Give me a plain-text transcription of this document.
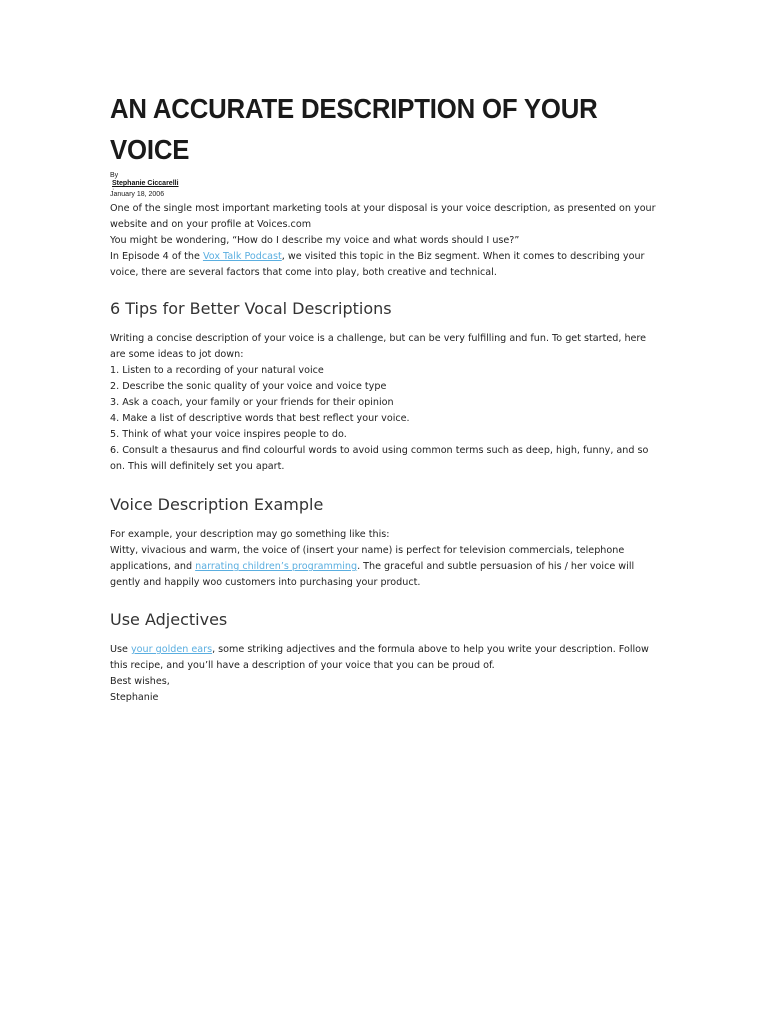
AN ACCURATE DESCRIPTION OF YOUR VOICE
By
Stephanie Ciccarelli
·
January 18, 2006

One of the single most important marketing tools at your disposal is your voice description, as presented on your website and on your profile at Voices.com

You might be wondering, “How do I describe my voice and what words should I use?”

In Episode 4 of the Vox Talk Podcast, we visited this topic in the Biz segment. When it comes to describing your voice, there are several factors that come into play, both creative and technical.

6 Tips for Better Vocal Descriptions

Writing a concise description of your voice is a challenge, but can be very fulfilling and fun. To get started, here are some ideas to jot down:

1. Listen to a recording of your natural voice
2. Describe the sonic quality of your voice and voice type
3. Ask a coach, your family or your friends for their opinion
4. Make a list of descriptive words that best reflect your voice.
5. Think of what your voice inspires people to do.
6. Consult a thesaurus and find colourful words to avoid using common terms such as deep, high, funny, and so on. This will definitely set you apart.
Voice Description Example

For example, your description may go something like this:

Witty, vivacious and warm, the voice of (insert your name) is perfect for television commercials, telephone applications, and narrating children’s programming. The graceful and subtle persuasion of his / her voice will gently and happily woo customers into purchasing your product.

Use Adjectives

Use your golden ears, some striking adjectives and the formula above to help you write your description. Follow this recipe, and you’ll have a description of your voice that you can be proud of.

Best wishes,

Stephanie
